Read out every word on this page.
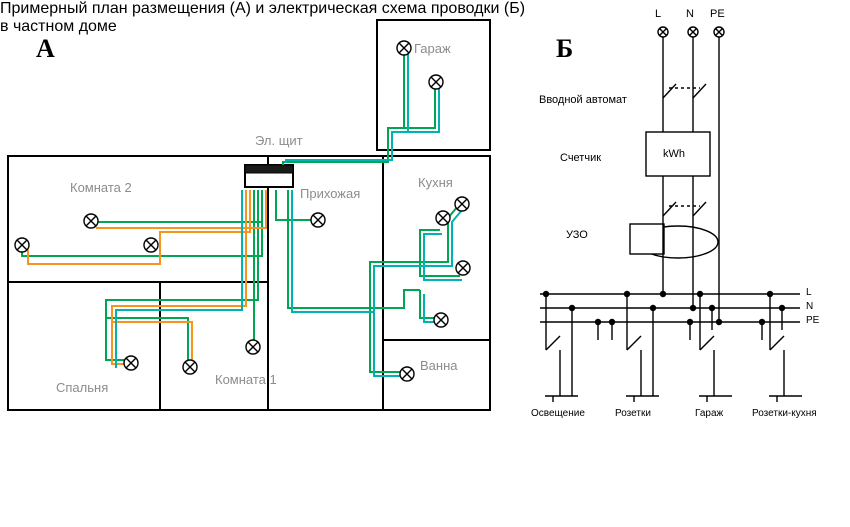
А	Б
Эл. щит
Гараж
Комната 2	Прихожая
Кухня
Спальня
Комната 1
Ванна
L N PE
Вводной автомат
Счетчик	kWh
УЗО
L
N
PE
Освещение	Розетки	Гараж	Розетки-кухня
Примерный план размещения (А) и электрическая схема проводки (Б)
в частном доме
